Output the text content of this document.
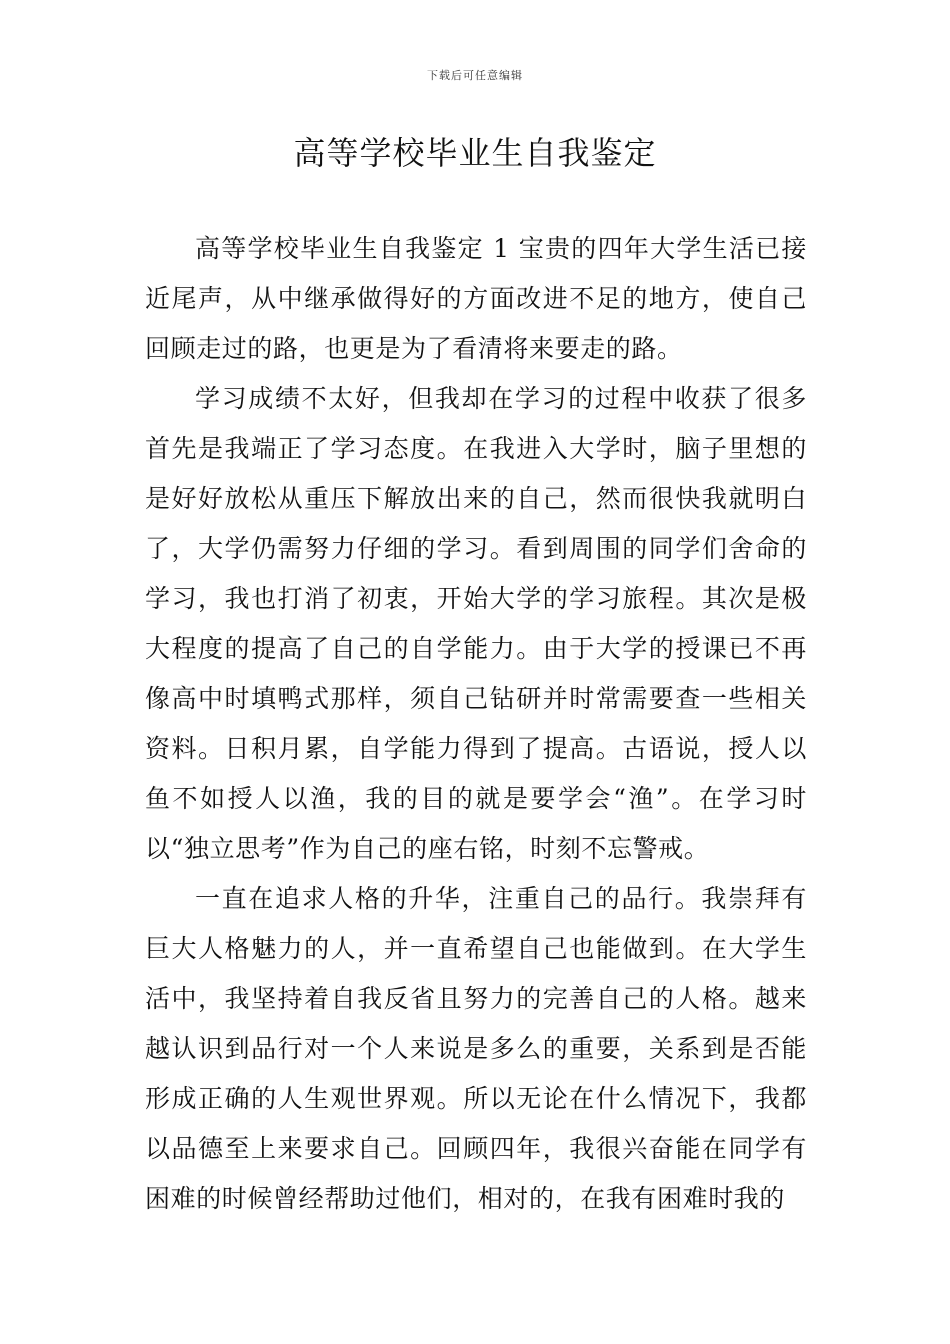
下载后可任意编辑
高等学校毕业生自我鉴定

高等学校毕业生自我鉴定 1 宝贵的四年大学生活已接近尾声，从中继承做得好的方面改进不足的地方，使自己回顾走过的路，也更是为了看清将来要走的路。

学习成绩不太好，但我却在学习的过程中收获了很多首先是我端正了学习态度。在我进入大学时，脑子里想的是好好放松从重压下解放出来的自己，然而很快我就明白了，大学仍需努力仔细的学习。看到周围的同学们舍命的学习，我也打消了初衷，开始大学的学习旅程。其次是极大程度的提高了自己的自学能力。由于大学的授课已不再像高中时填鸭式那样，须自己钻研并时常需要查一些相关资料。日积月累，自学能力得到了提高。古语说，授人以鱼不如授人以渔，我的目的就是要学会“渔”。在学习时以“独立思考”作为自己的座右铭，时刻不忘警戒。

一直在追求人格的升华，注重自己的品行。我崇拜有巨大人格魅力的人，并一直希望自己也能做到。在大学生活中，我坚持着自我反省且努力的完善自己的人格。越来越认识到品行对一个人来说是多么的重要，关系到是否能形成正确的人生观世界观。所以无论在什么情况下，我都以品德至上来要求自己。回顾四年，我很兴奋能在同学有困难的时候曾经帮助过他们，相对的，在我有困难时我的
